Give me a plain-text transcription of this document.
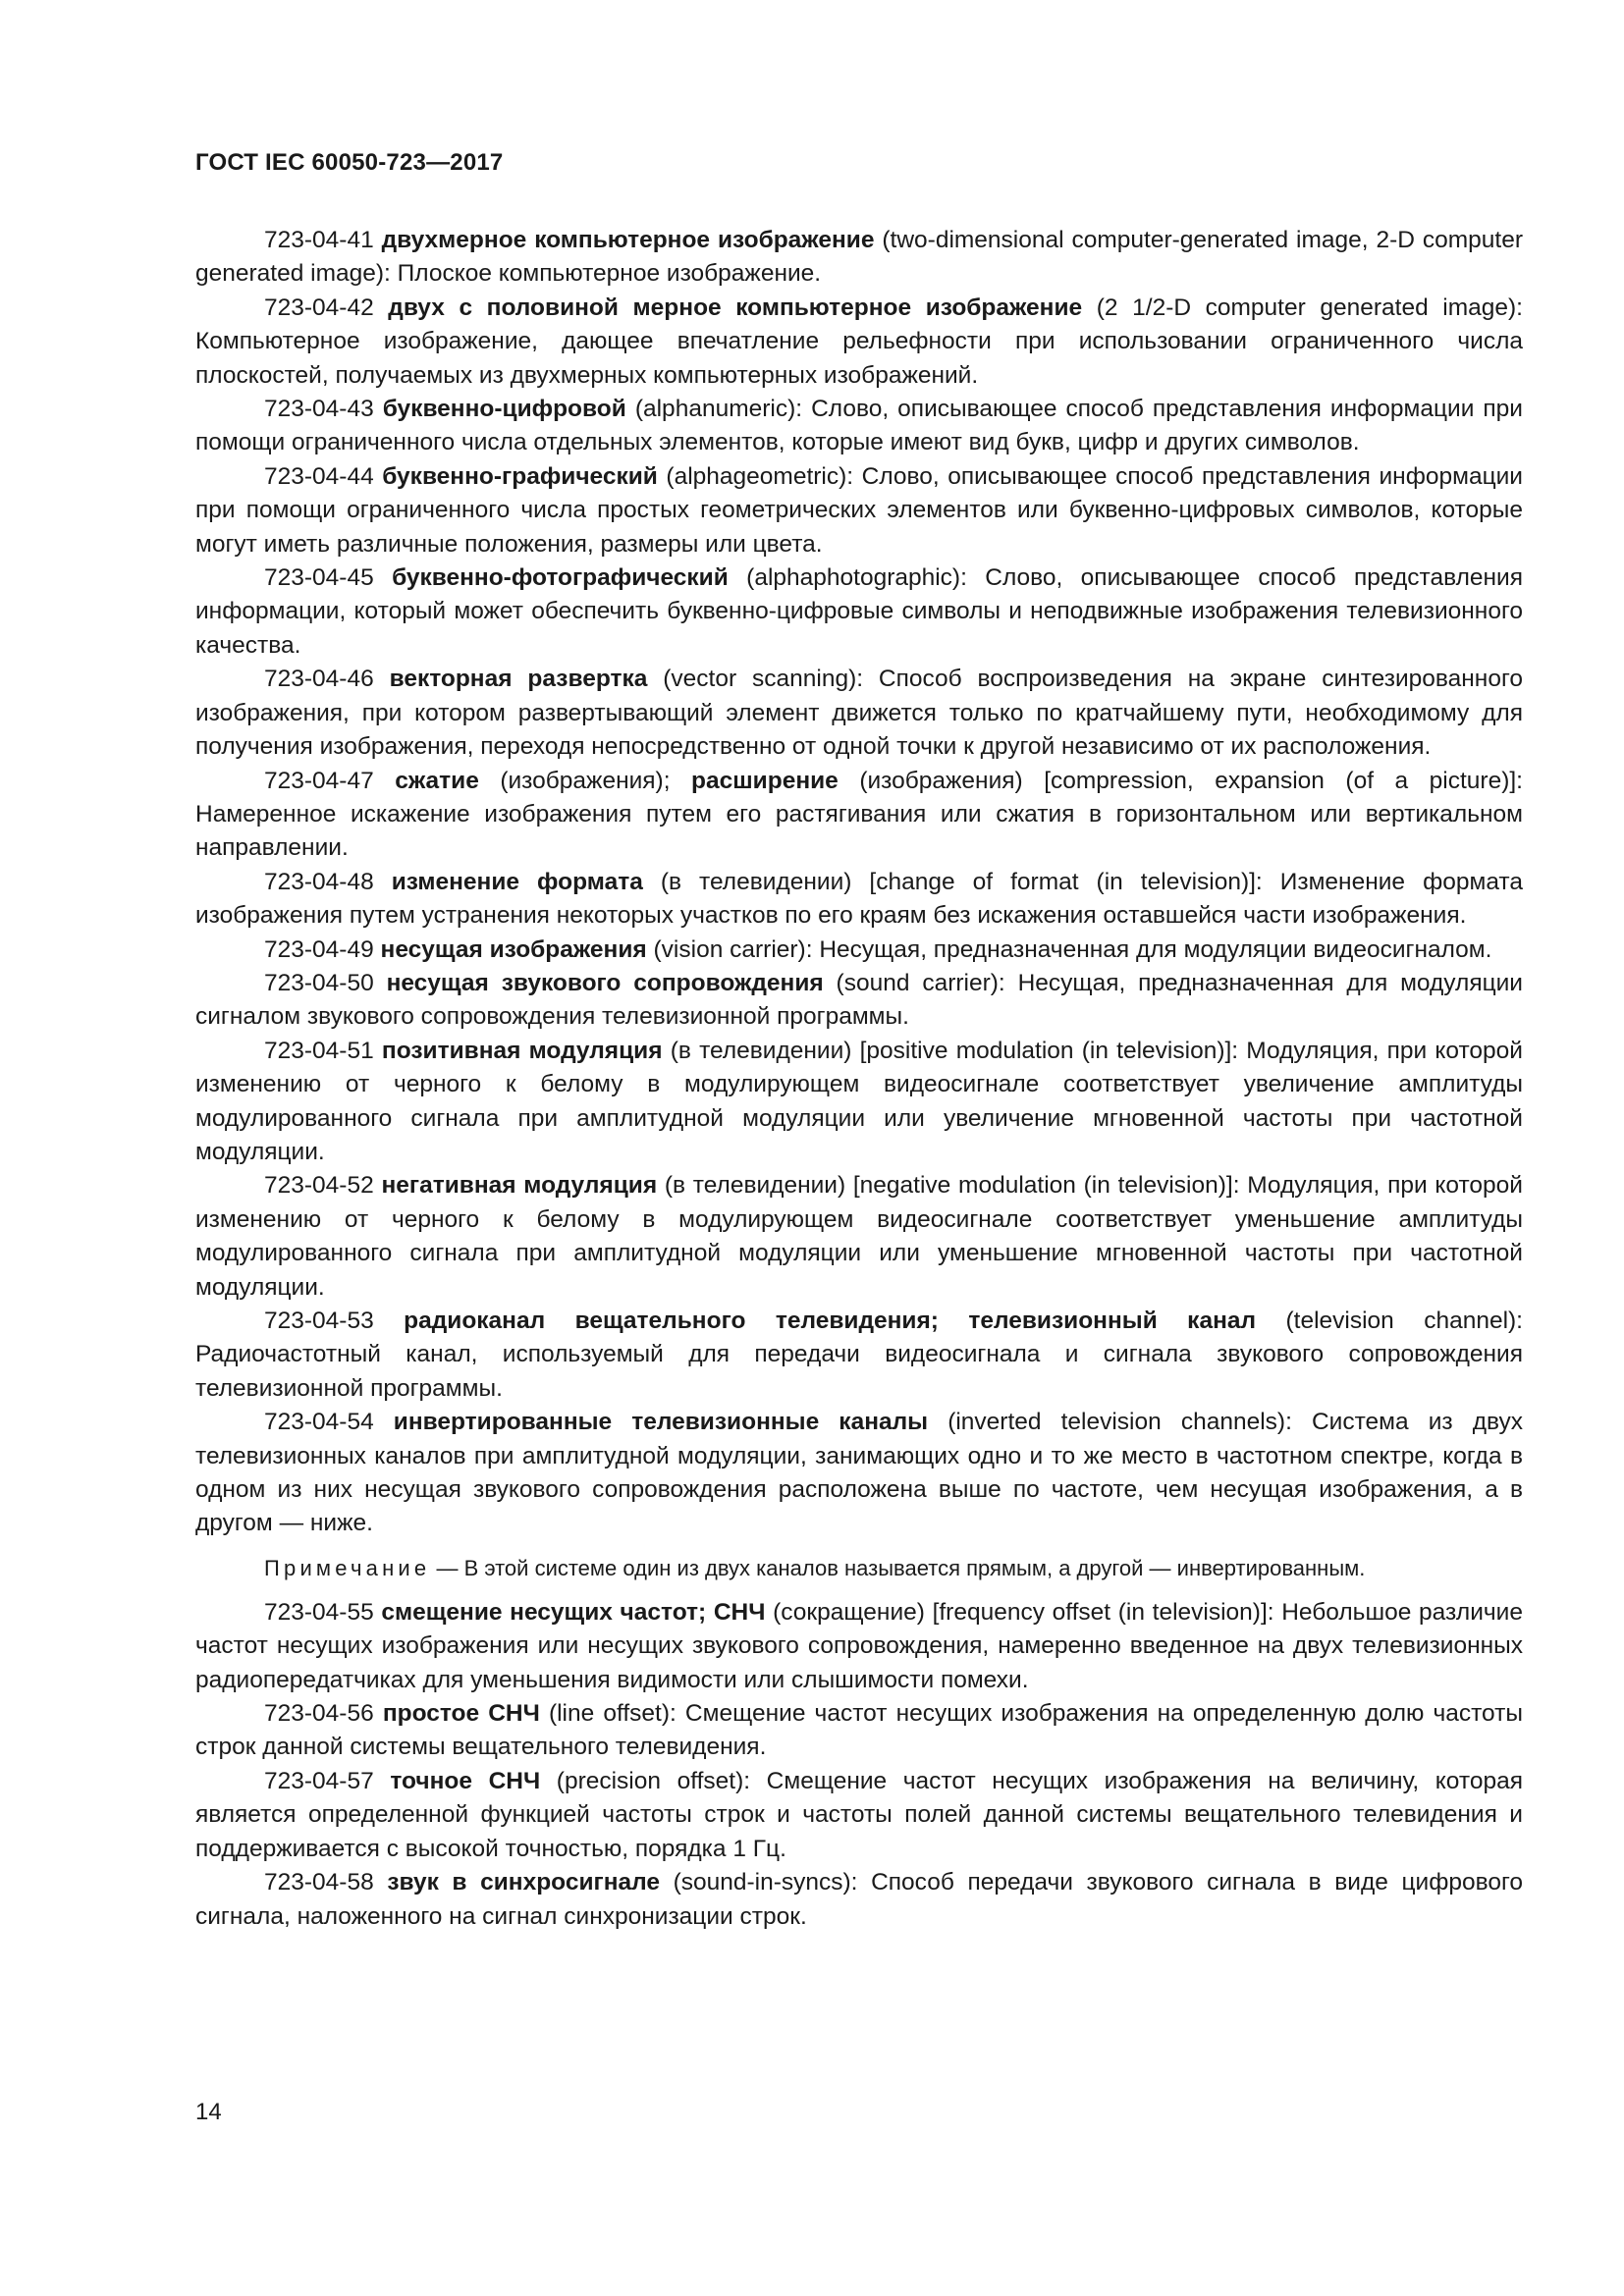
ГОСТ IEC 60050-723—2017

723-04-41 двухмерное компьютерное изображение (two-dimensional computer-generated image, 2-D computer generated image): Плоское компьютерное изображение.

723-04-42 двух с половиной мерное компьютерное изображение (2 1/2-D computer generated image): Компьютерное изображение, дающее впечатление рельефности при использовании ограниченного числа плоскостей, получаемых из двухмерных компьютерных изображений.

723-04-43 буквенно-цифровой (alphanumeric): Слово, описывающее способ представления информации при помощи ограниченного числа отдельных элементов, которые имеют вид букв, цифр и других символов.

723-04-44 буквенно-графический (alphageometric): Слово, описывающее способ представления информации при помощи ограниченного числа простых геометрических элементов или буквенно-цифровых символов, которые могут иметь различные положения, размеры или цвета.

723-04-45 буквенно-фотографический (alphaphotographic): Слово, описывающее способ представления информации, который может обеспечить буквенно-цифровые символы и неподвижные изображения телевизионного качества.

723-04-46 векторная развертка (vector scanning): Способ воспроизведения на экране синтезированного изображения, при котором развертывающий элемент движется только по кратчайшему пути, необходимому для получения изображения, переходя непосредственно от одной точки к другой независимо от их расположения.

723-04-47 сжатие (изображения); расширение (изображения) [compression, expansion (of a picture)]: Намеренное искажение изображения путем его растягивания или сжатия в горизонтальном или вертикальном направлении.

723-04-48 изменение формата (в телевидении) [change of format (in television)]: Изменение формата изображения путем устранения некоторых участков по его краям без искажения оставшейся части изображения.

723-04-49 несущая изображения (vision carrier): Несущая, предназначенная для модуляции видеосигналом.

723-04-50 несущая звукового сопровождения (sound carrier): Несущая, предназначенная для модуляции сигналом звукового сопровождения телевизионной программы.

723-04-51 позитивная модуляция (в телевидении) [positive modulation (in television)]: Модуляция, при которой изменению от черного к белому в модулирующем видеосигнале соответствует увеличение амплитуды модулированного сигнала при амплитудной модуляции или увеличение мгновенной частоты при частотной модуляции.

723-04-52 негативная модуляция (в телевидении) [negative modulation (in television)]: Модуляция, при которой изменению от черного к белому в модулирующем видеосигнале соответствует уменьшение амплитуды модулированного сигнала при амплитудной модуляции или уменьшение мгновенной частоты при частотной модуляции.

723-04-53 радиоканал вещательного телевидения; телевизионный канал (television channel): Радиочастотный канал, используемый для передачи видеосигнала и сигнала звукового сопровождения телевизионной программы.

723-04-54 инвертированные телевизионные каналы (inverted television channels): Система из двух телевизионных каналов при амплитудной модуляции, занимающих одно и то же место в частотном спектре, когда в одном из них несущая звукового сопровождения расположена выше по частоте, чем несущая изображения, а в другом — ниже.

Примечание — В этой системе один из двух каналов называется прямым, а другой — инвертированным.

723-04-55 смещение несущих частот; СНЧ (сокращение) [frequency offset (in television)]: Небольшое различие частот несущих изображения или несущих звукового сопровождения, намеренно введенное на двух телевизионных радиопередатчиках для уменьшения видимости или слышимости помехи.

723-04-56 простое СНЧ (line offset): Смещение частот несущих изображения на определенную долю частоты строк данной системы вещательного телевидения.

723-04-57 точное СНЧ (precision offset): Смещение частот несущих изображения на величину, которая является определенной функцией частоты строк и частоты полей данной системы вещательного телевидения и поддерживается с высокой точностью, порядка 1 Гц.

723-04-58 звук в синхросигнале (sound-in-syncs): Способ передачи звукового сигнала в виде цифрового сигнала, наложенного на сигнал синхронизации строк.

14
